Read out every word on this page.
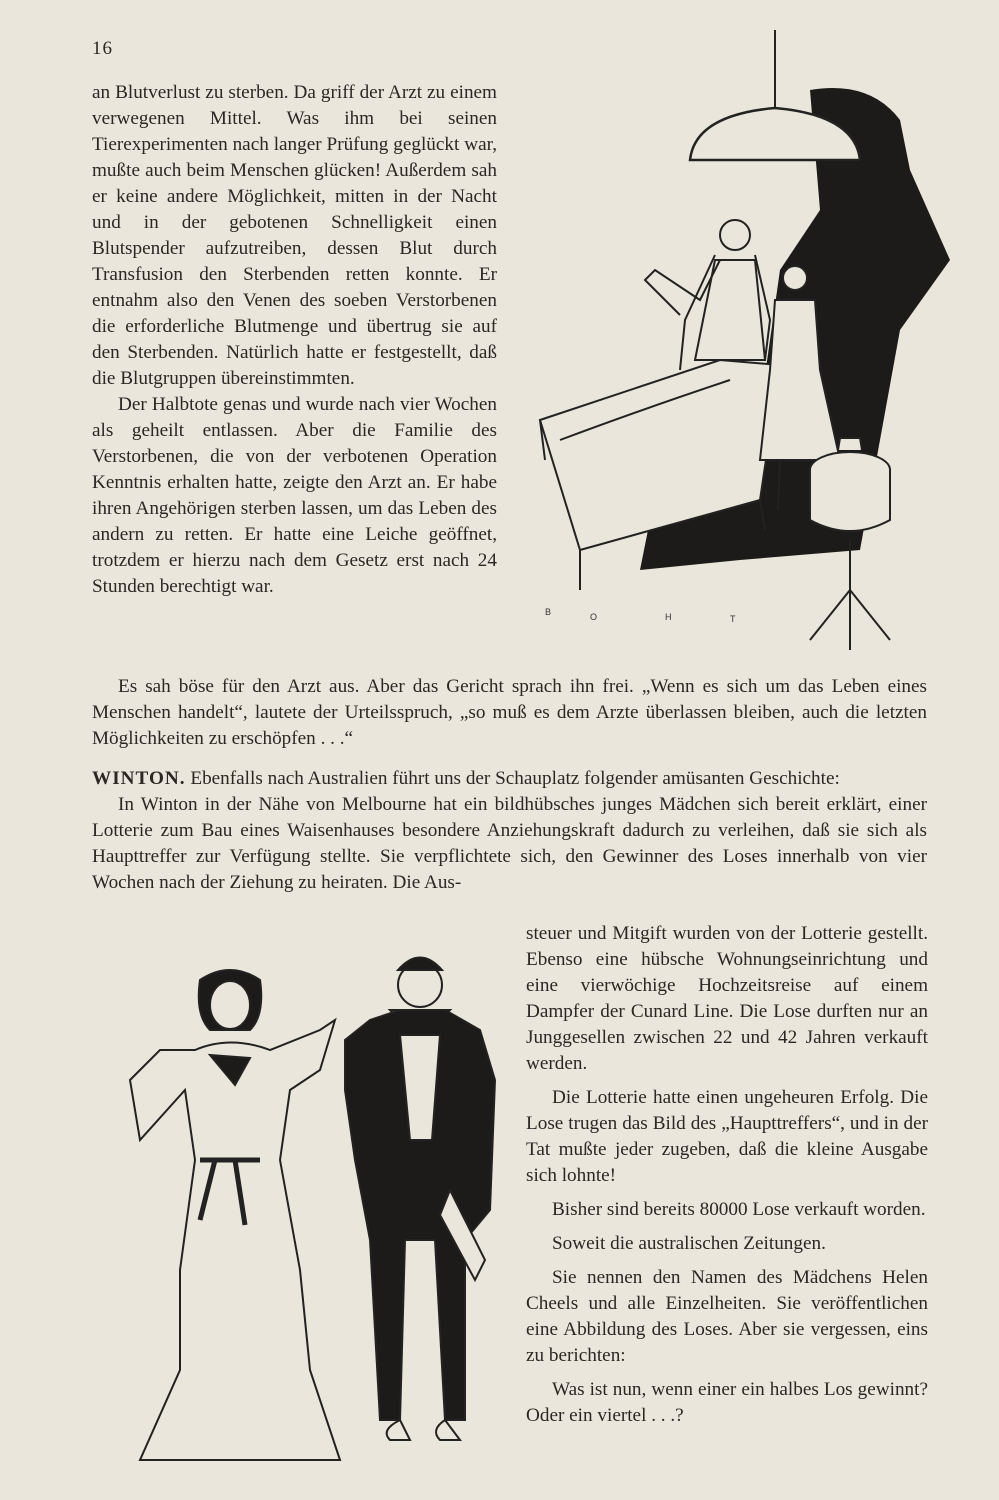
16

an Blutverlust zu sterben. Da griff der Arzt zu einem verwegenen Mittel. Was ihm bei seinen Tierexperimenten nach langer Prüfung geglückt war, mußte auch beim Menschen glücken! Außerdem sah er keine andere Möglichkeit, mitten in der Nacht und in der gebotenen Schnelligkeit einen Blutspender aufzutreiben, dessen Blut durch Transfusion den Sterbenden retten konnte. Er entnahm also den Venen des soeben Verstorbenen die erforderliche Blutmenge und übertrug sie auf den Sterbenden. Natürlich hatte er festgestellt, daß die Blutgruppen übereinstimmten.

Der Halbtote genas und wurde nach vier Wochen als geheilt entlassen. Aber die Familie des Verstorbenen, die von der verbotenen Operation Kenntnis erhalten hatte, zeigte den Arzt an. Er habe ihren Angehörigen sterben lassen, um das Leben des andern zu retten. Er hatte eine Leiche geöffnet, trotzdem er hierzu nach dem Gesetz erst nach 24 Stunden berechtigt war.

Es sah böse für den Arzt aus. Aber das Gericht sprach ihn frei. „Wenn es sich um das Leben eines Menschen handelt“, lautete der Urteilsspruch, „so muß es dem Arzte überlassen bleiben, auch die letzten Möglichkeiten zu erschöpfen . . .“

WINTON. Ebenfalls nach Australien führt uns der Schauplatz folgender amüsanten Geschichte:

In Winton in der Nähe von Melbourne hat ein bildhübsches junges Mädchen sich bereit erklärt, einer Lotterie zum Bau eines Waisenhauses besondere Anziehungskraft dadurch zu verleihen, daß sie sich als Haupttreffer zur Verfügung stellte. Sie verpflichtete sich, den Gewinner des Loses innerhalb von vier Wochen nach der Ziehung zu heiraten. Die Aus-

steuer und Mitgift wurden von der Lotterie gestellt. Ebenso eine hübsche Wohnungseinrichtung und eine vierwöchige Hochzeitsreise auf einem Dampfer der Cunard Line. Die Lose durften nur an Junggesellen zwischen 22 und 42 Jahren verkauft werden.

Die Lotterie hatte einen ungeheuren Erfolg. Die Lose trugen das Bild des „Haupttreffers“, und in der Tat mußte jeder zugeben, daß die kleine Ausgabe sich lohnte!

Bisher sind bereits 80000 Lose verkauft worden.

Soweit die australischen Zeitungen.

Sie nennen den Namen des Mädchens Helen Cheels und alle Einzelheiten. Sie veröffentlichen eine Abbildung des Loses. Aber sie vergessen, eins zu berichten:

Was ist nun, wenn einer ein halbes Los gewinnt? Oder ein viertel . . .?

B	O	H	T
